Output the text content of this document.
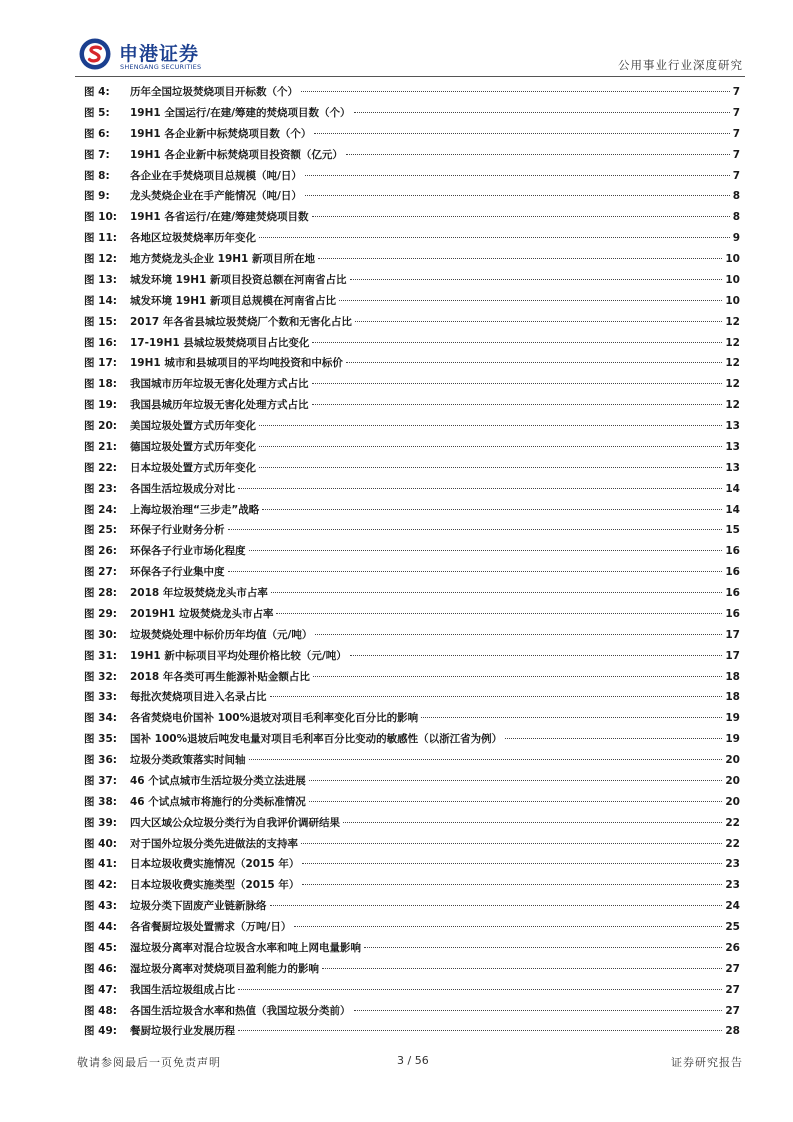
申港证券
SHENGANG SECURITIES	公用事业行业深度研究
图 4:	历年全国垃圾焚烧项目开标数（个）	7
图 5:	19H1 全国运行/在建/筹建的焚烧项目数（个）	7
图 6:	19H1 各企业新中标焚烧项目数（个）	7
图 7:	19H1 各企业新中标焚烧项目投资额（亿元）	7
图 8:	各企业在手焚烧项目总规模（吨/日）	7
图 9:	龙头焚烧企业在手产能情况（吨/日）	8
图 10:	19H1 各省运行/在建/筹建焚烧项目数	8
图 11:	各地区垃圾焚烧率历年变化	9
图 12:	地方焚烧龙头企业 19H1 新项目所在地	10
图 13:	城发环境 19H1 新项目投资总额在河南省占比	10
图 14:	城发环境 19H1 新项目总规模在河南省占比	10
图 15:	2017 年各省县城垃圾焚烧厂个数和无害化占比	12
图 16:	17-19H1 县城垃圾焚烧项目占比变化	12
图 17:	19H1 城市和县城项目的平均吨投资和中标价	12
图 18:	我国城市历年垃圾无害化处理方式占比	12
图 19:	我国县城历年垃圾无害化处理方式占比	12
图 20:	美国垃圾处置方式历年变化	13
图 21:	德国垃圾处置方式历年变化	13
图 22:	日本垃圾处置方式历年变化	13
图 23:	各国生活垃圾成分对比	14
图 24:	上海垃圾治理“三步走”战略	14
图 25:	环保子行业财务分析	15
图 26:	环保各子行业市场化程度	16
图 27:	环保各子行业集中度	16
图 28:	2018 年垃圾焚烧龙头市占率	16
图 29:	2019H1 垃圾焚烧龙头市占率	16
图 30:	垃圾焚烧处理中标价历年均值（元/吨）	17
图 31:	19H1 新中标项目平均处理价格比较（元/吨）	17
图 32:	2018 年各类可再生能源补贴金额占比	18
图 33:	每批次焚烧项目进入名录占比	18
图 34:	各省焚烧电价国补 100%退坡对项目毛利率变化百分比的影响	19
图 35:	国补 100%退坡后吨发电量对项目毛利率百分比变动的敏感性（以浙江省为例）	19
图 36:	垃圾分类政策落实时间轴	20
图 37:	46 个试点城市生活垃圾分类立法进展	20
图 38:	46 个试点城市将施行的分类标准情况	20
图 39:	四大区域公众垃圾分类行为自我评价调研结果	22
图 40:	对于国外垃圾分类先进做法的支持率	22
图 41:	日本垃圾收费实施情况（2015 年）	23
图 42:	日本垃圾收费实施类型（2015 年）	23
图 43:	垃圾分类下固废产业链新脉络	24
图 44:	各省餐厨垃圾处置需求（万吨/日）	25
图 45:	湿垃圾分离率对混合垃圾含水率和吨上网电量影响	26
图 46:	湿垃圾分离率对焚烧项目盈利能力的影响	27
图 47:	我国生活垃圾组成占比	27
图 48:	各国生活垃圾含水率和热值（我国垃圾分类前）	27
图 49:	餐厨垃圾行业发展历程	28
敬请参阅最后一页免责声明	3 / 56	证券研究报告
